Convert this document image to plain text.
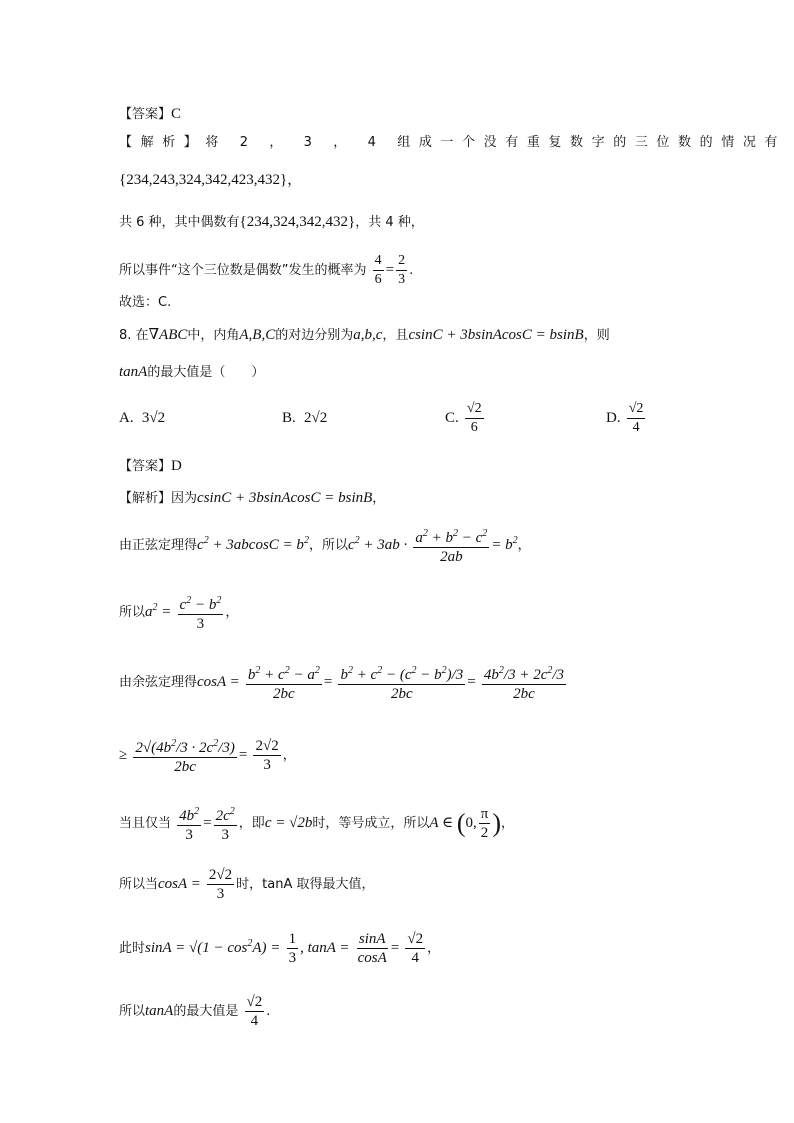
【答案】C
【解析】将 2 ， 3 ， 4 组成一个没有重复数字的三位数的情况有
{234,243,324,342,423,432}，
共 6 种，其中偶数有{234,324,342,432}，共 4 种，
所以事件“这个三位数是偶数”发生的概率为 $\frac{4}{6} = \frac{2}{3}$ .
故选：C.
8. 在∇ABC中，内角A,B,C的对边分别为a,b,c，且csinC + 3bsinAcosC = bsinB，则
tanA的最大值是（　　）
A. 3√2	B. 2√2	C. $\frac{√2}{6}$	D. $\frac{√2}{4}$
【答案】D
【解析】因为csinC + 3bsinAcosC = bsinB，
由正弦定理得$c^2 + 3abcosC = b^2$，所以$c^2 + 3ab \cdot \frac{a^2 + b^2 - c^2}{2ab} = b^2$，
所以$a^2 = \frac{c^2 - b^2}{3}$ ，
由余弦定理得$\cos A = \frac{b^2 + c^2 - a^2}{2bc} = \frac{b^2 + c^2 - (c^2 - b^2)/3}{2bc} = \frac{4b^2/3 + 2c^2/3}{2bc}$
≥ $\frac{2√(4b^2/3 \cdot 2c^2/3)}{2bc} = \frac{2√2}{3}$ ，
当且仅当 $\frac{4b^2}{3} = \frac{2c^2}{3}$ ，即c = √2b时，等号成立，所以A ∈ (0, $\frac{\pi}{2}$ )，
所以当$\cos A = \frac{2√2}{3}$ 时，tanA 取得最大值，
此时$\sin A = √(1 - \cos^2A) = \frac{1}{3}$ , $\tan A = \frac{\sin A}{\cos A} = \frac{√2}{4}$ ，
所以tanA的最大值是 $\frac{√2}{4}$ .
